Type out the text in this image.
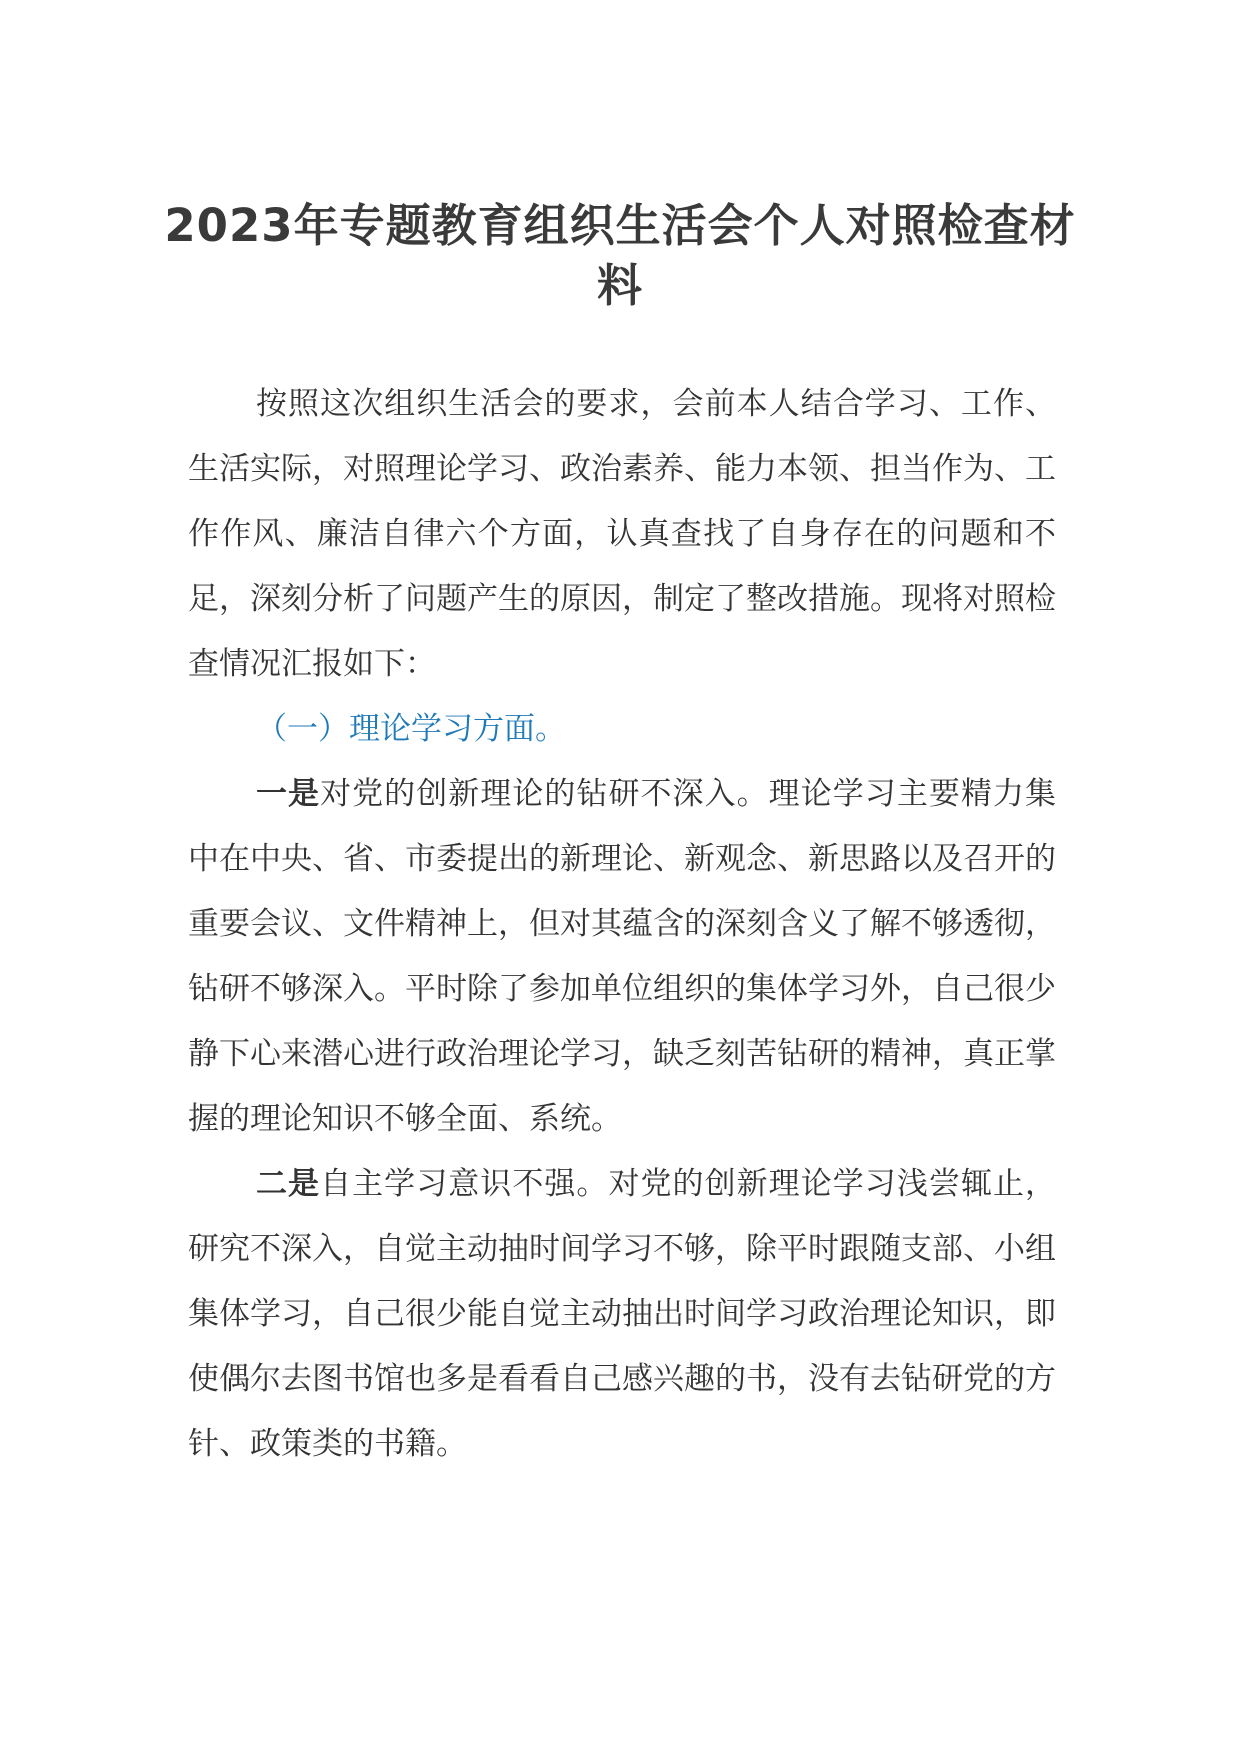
2023年专题教育组织生活会个人对照检查材料

按照这次组织生活会的要求，会前本人结合学习、工作、生活实际，对照理论学习、政治素养、能力本领、担当作为、工作作风、廉洁自律六个方面，认真查找了自身存在的问题和不足，深刻分析了问题产生的原因，制定了整改措施。现将对照检查情况汇报如下：

（一）理论学习方面。

一是对党的创新理论的钻研不深入。理论学习主要精力集中在中央、省、市委提出的新理论、新观念、新思路以及召开的重要会议、文件精神上，但对其蕴含的深刻含义了解不够透彻，钻研不够深入。平时除了参加单位组织的集体学习外，自己很少静下心来潜心进行政治理论学习，缺乏刻苦钻研的精神，真正掌握的理论知识不够全面、系统。

二是自主学习意识不强。对党的创新理论学习浅尝辄止，研究不深入，自觉主动抽时间学习不够，除平时跟随支部、小组集体学习，自己很少能自觉主动抽出时间学习政治理论知识，即使偶尔去图书馆也多是看看自己感兴趣的书，没有去钻研党的方针、政策类的书籍。
